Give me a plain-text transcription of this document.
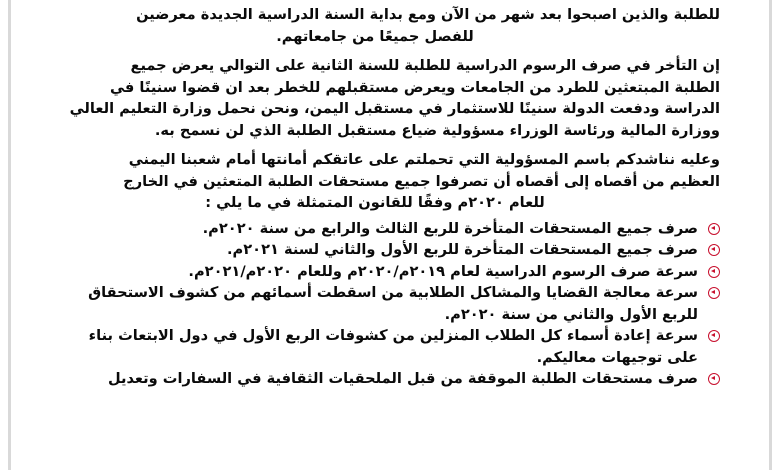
للطلبة والذين اصبحوا بعد شهر من الآن ومع بداية السنة الدراسية الجديدة معرضين
للفصل جميعًا من جامعاتهم.
إن التأخر في صرف الرسوم الدراسية للطلبة للسنة الثانية على التوالي يعرض جميع
الطلبة المبتعثين للطرد من الجامعات ويعرض مستقبلهم للخطر بعد ان قضوا سنينًا في
الدراسة ودفعت الدولة سنينًا للاستثمار في مستقبل اليمن، ونحن نحمل وزارة التعليم العالي
ووزارة المالية ورئاسة الوزراء مسؤولية ضياع مستقبل الطلبة الذي لن نسمح به.
وعليه نناشدكم باسم المسؤولية التي تحملتم على عاتقكم أمانتها أمام شعبنا اليمني
العظيم من أقصاه إلى أقصاه أن تصرفوا جميع مستحقات الطلبة المتعثين في الخارج
للعام ٢٠٢٠م وفقًا للقانون المتمثلة في ما يلي :
صرف جميع المستحقات المتأخرة للربع الثالث والرابع من سنة ٢٠٢٠م.
صرف جميع المستحقات المتأخرة للربع الأول والثاني لسنة ٢٠٢١م.
سرعة صرف الرسوم الدراسية لعام ٢٠١٩م/٢٠٢٠م وللعام ٢٠٢٠م/٢٠٢١م.
سرعة معالجة القضايا والمشاكل الطلابية من اسقطت أسمائهم من كشوف الاستحقاق
للربع الأول والثاني من سنة ٢٠٢٠م.
سرعة إعادة أسماء كل الطلاب المنزلين من كشوفات الربع الأول في دول الابتعاث بناء
على توجيهات معاليكم.
صرف مستحقات الطلبة الموقفة من قبل الملحقيات الثقافية في السفارات وتعديل
